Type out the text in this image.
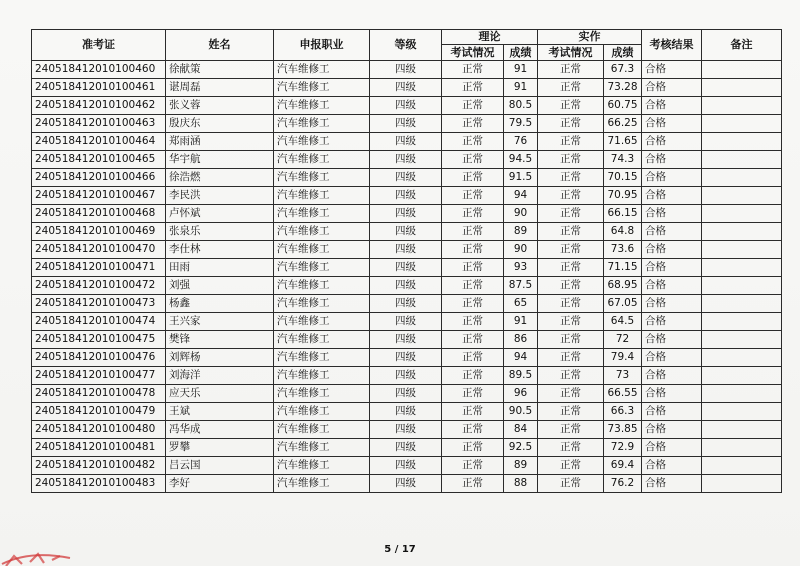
准考证	姓名	申报职业	等级	理论		实作		考核结果	备注
				考试情况	成绩	考试情况	成绩		
240518412010100460	徐献策	汽车维修工	四级	正常	91	正常	67.3	合格	
240518412010100461	谌周磊	汽车维修工	四级	正常	91	正常	73.28	合格	
240518412010100462	张义蓉	汽车维修工	四级	正常	80.5	正常	60.75	合格	
240518412010100463	殷庆东	汽车维修工	四级	正常	79.5	正常	66.25	合格	
240518412010100464	郑雨涵	汽车维修工	四级	正常	76	正常	71.65	合格	
240518412010100465	华宇航	汽车维修工	四级	正常	94.5	正常	74.3	合格	
240518412010100466	徐浩燃	汽车维修工	四级	正常	91.5	正常	70.15	合格	
240518412010100467	李民洪	汽车维修工	四级	正常	94	正常	70.95	合格	
240518412010100468	卢怀斌	汽车维修工	四级	正常	90	正常	66.15	合格	
240518412010100469	张泉乐	汽车维修工	四级	正常	89	正常	64.8	合格	
240518412010100470	李仕林	汽车维修工	四级	正常	90	正常	73.6	合格	
240518412010100471	田雨	汽车维修工	四级	正常	93	正常	71.15	合格	
240518412010100472	刘强	汽车维修工	四级	正常	87.5	正常	68.95	合格	
240518412010100473	杨鑫	汽车维修工	四级	正常	65	正常	67.05	合格	
240518412010100474	王兴家	汽车维修工	四级	正常	91	正常	64.5	合格	
240518412010100475	樊锋	汽车维修工	四级	正常	86	正常	72	合格	
240518412010100476	刘辉杨	汽车维修工	四级	正常	94	正常	79.4	合格	
240518412010100477	刘海洋	汽车维修工	四级	正常	89.5	正常	73	合格	
240518412010100478	应天乐	汽车维修工	四级	正常	96	正常	66.55	合格	
240518412010100479	王斌	汽车维修工	四级	正常	90.5	正常	66.3	合格	
240518412010100480	冯华成	汽车维修工	四级	正常	84	正常	73.85	合格	
240518412010100481	罗攀	汽车维修工	四级	正常	92.5	正常	72.9	合格	
240518412010100482	吕云国	汽车维修工	四级	正常	89	正常	69.4	合格	
240518412010100483	李好	汽车维修工	四级	正常	88	正常	76.2	合格	
5 / 17
